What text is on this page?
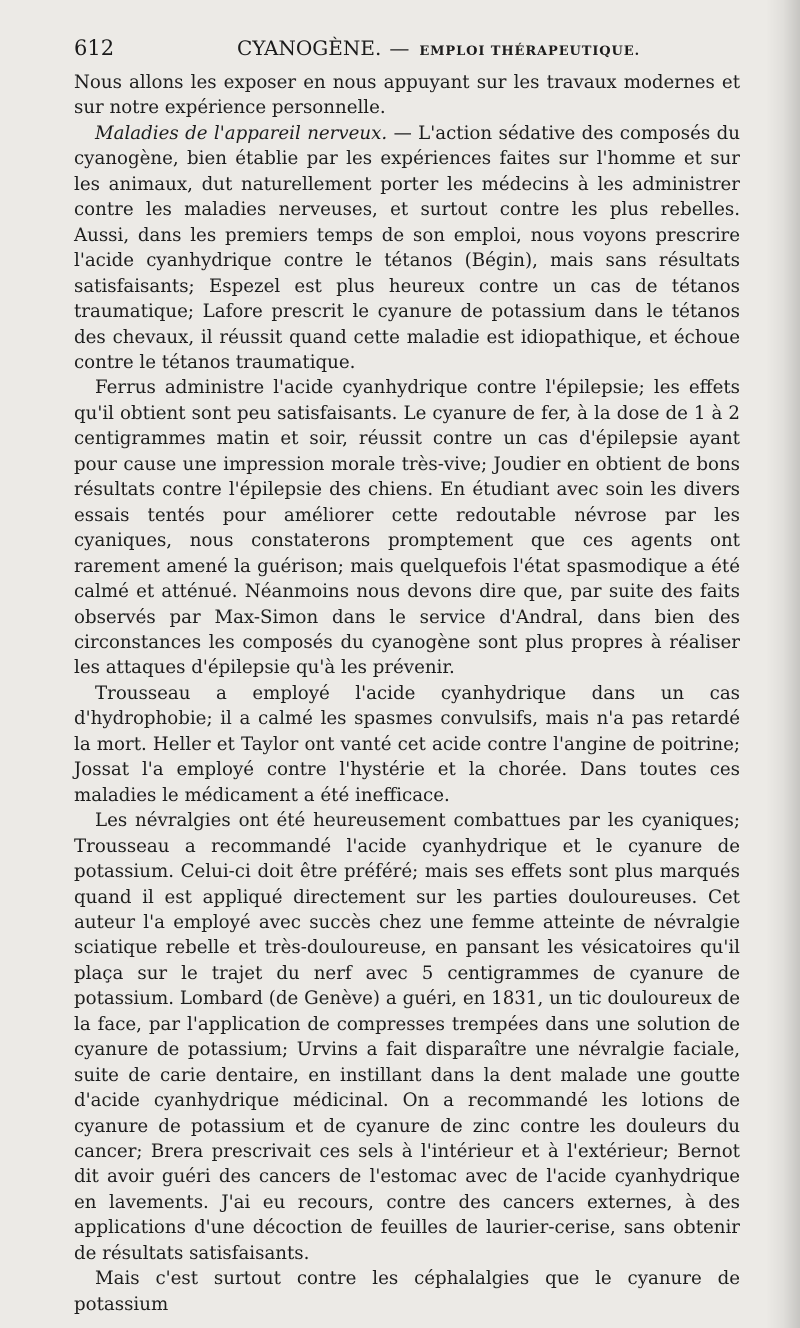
612	CYANOGÈNE. — EMPLOI THÉRAPEUTIQUE.

Nous allons les exposer en nous appuyant sur les travaux modernes et sur notre expérience personnelle.

Maladies de l'appareil nerveux. — L'action sédative des composés du cyanogène, bien établie par les expériences faites sur l'homme et sur les animaux, dut naturellement porter les médecins à les administrer contre les maladies nerveuses, et surtout contre les plus rebelles. Aussi, dans les premiers temps de son emploi, nous voyons prescrire l'acide cyanhydrique contre le tétanos (Bégin), mais sans résultats satisfaisants; Espezel est plus heureux contre un cas de tétanos traumatique; Lafore prescrit le cyanure de potassium dans le tétanos des chevaux, il réussit quand cette maladie est idiopathique, et échoue contre le tétanos traumatique.

Ferrus administre l'acide cyanhydrique contre l'épilepsie; les effets qu'il obtient sont peu satisfaisants. Le cyanure de fer, à la dose de 1 à 2 centigrammes matin et soir, réussit contre un cas d'épilepsie ayant pour cause une impression morale très-vive; Joudier en obtient de bons résultats contre l'épilepsie des chiens. En étudiant avec soin les divers essais tentés pour améliorer cette redoutable névrose par les cyaniques, nous constaterons promptement que ces agents ont rarement amené la guérison; mais quelquefois l'état spasmodique a été calmé et atténué. Néanmoins nous devons dire que, par suite des faits observés par Max-Simon dans le service d'Andral, dans bien des circonstances les composés du cyanogène sont plus propres à réaliser les attaques d'épilepsie qu'à les prévenir.

Trousseau a employé l'acide cyanhydrique dans un cas d'hydrophobie; il a calmé les spasmes convulsifs, mais n'a pas retardé la mort. Heller et Taylor ont vanté cet acide contre l'angine de poitrine; Jossat l'a employé contre l'hystérie et la chorée. Dans toutes ces maladies le médicament a été inefficace.

Les névralgies ont été heureusement combattues par les cyaniques; Trousseau a recommandé l'acide cyanhydrique et le cyanure de potassium. Celui-ci doit être préféré; mais ses effets sont plus marqués quand il est appliqué directement sur les parties douloureuses. Cet auteur l'a employé avec succès chez une femme atteinte de névralgie sciatique rebelle et très-douloureuse, en pansant les vésicatoires qu'il plaça sur le trajet du nerf avec 5 centigrammes de cyanure de potassium. Lombard (de Genève) a guéri, en 1831, un tic douloureux de la face, par l'application de compresses trempées dans une solution de cyanure de potassium; Urvins a fait disparaître une névralgie faciale, suite de carie dentaire, en instillant dans la dent malade une goutte d'acide cyanhydrique médicinal. On a recommandé les lotions de cyanure de potassium et de cyanure de zinc contre les douleurs du cancer; Brera prescrivait ces sels à l'intérieur et à l'extérieur; Bernot dit avoir guéri des cancers de l'estomac avec de l'acide cyanhydrique en lavements. J'ai eu recours, contre des cancers externes, à des applications d'une décoction de feuilles de laurier-cerise, sans obtenir de résultats satisfaisants.

Mais c'est surtout contre les céphalalgies que le cyanure de potassium
